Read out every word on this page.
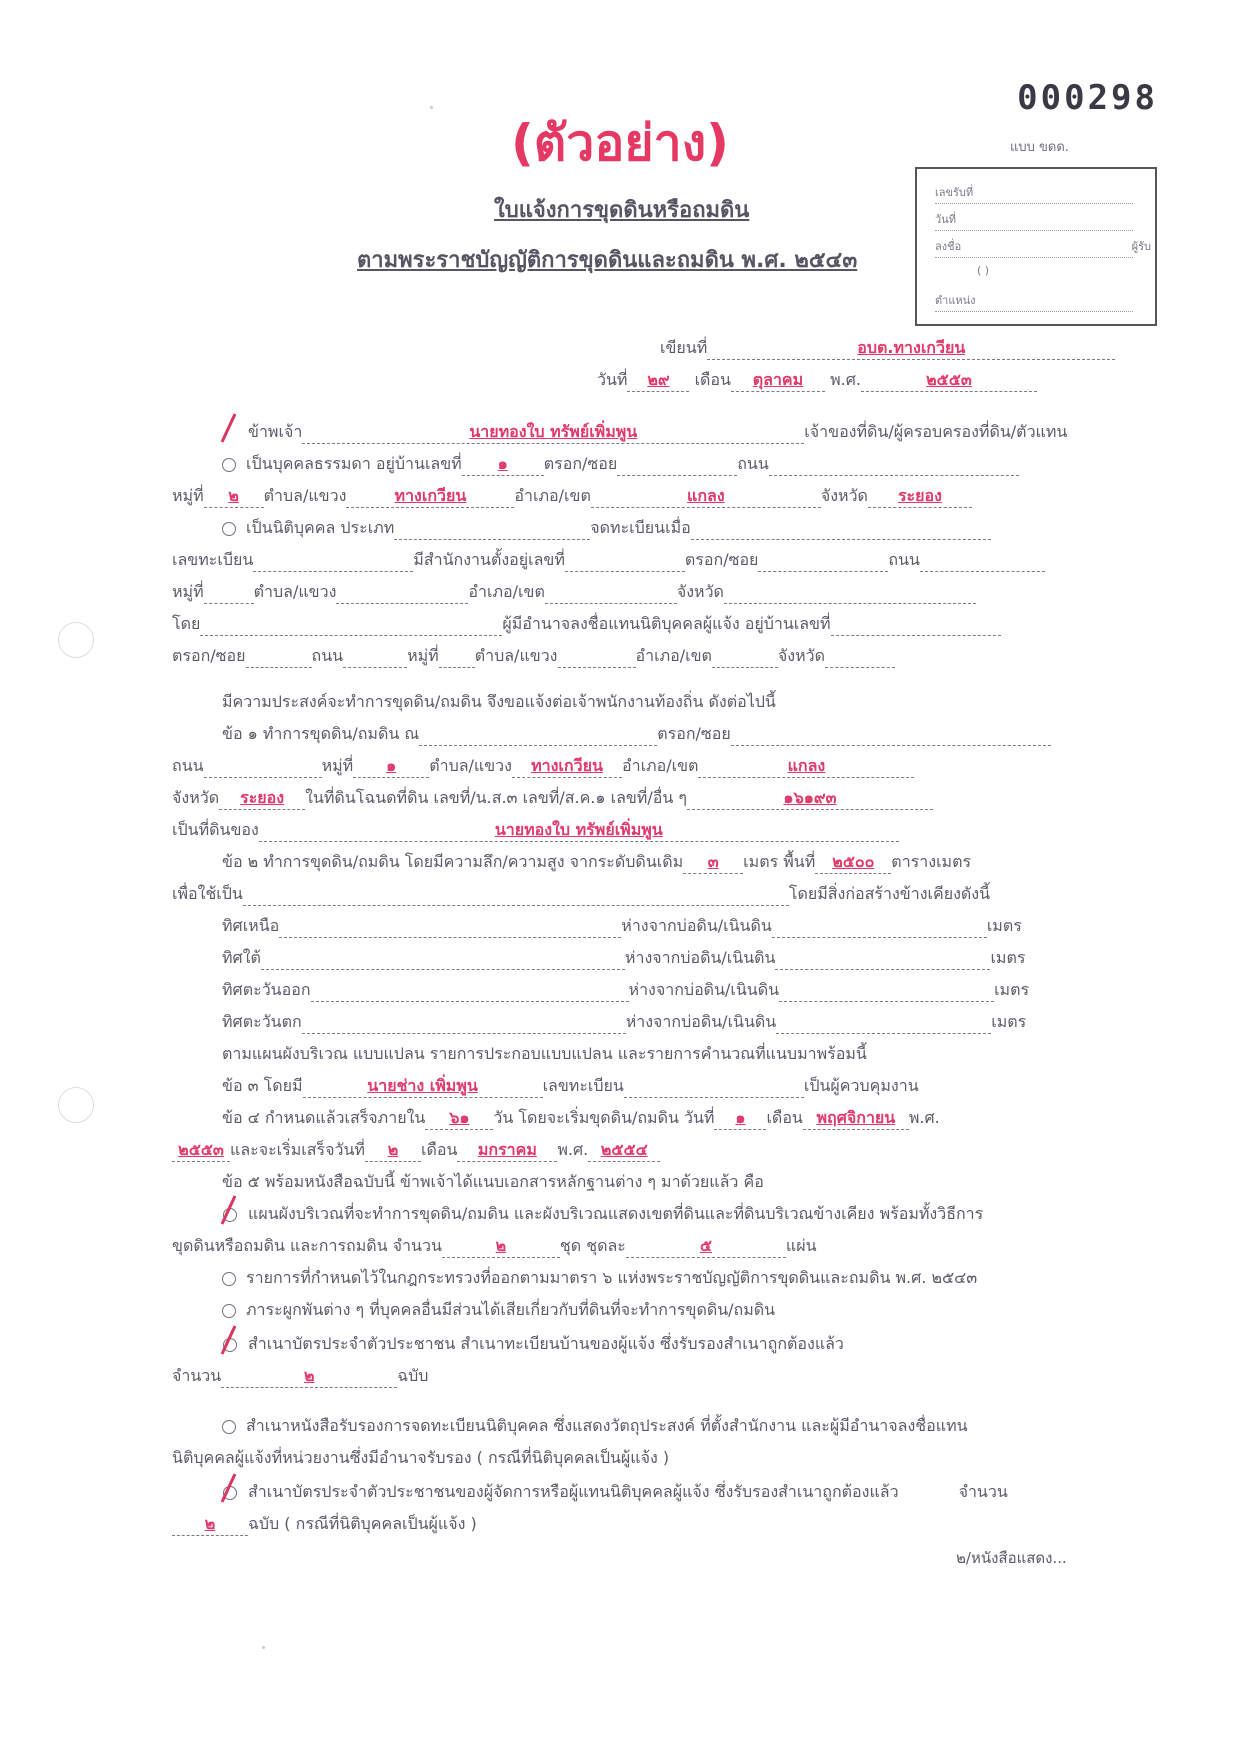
000298
(ตัวอย่าง)	แบบ ขดด.
ใบแจ้งการขุดดินหรือถมดิน
ตามพระราชบัญญัติการขุดดินและถมดิน พ.ศ. ๒๕๔๓
เลขรับที่
วันที่
ลงชื่อ	ผู้รับ
( )
ตำแหน่ง
เขียนที่	อบต.ทางเกวียน
วันที่ ๒๙ เดือน ตุลาคม พ.ศ.	๒๕๕๓
ข้าพเจ้า	นายทองใบ ทรัพย์เพิ่มพูน	เจ้าของที่ดิน/ผู้ครอบครองที่ดิน/ตัวแทน
เป็นบุคคลธรรมดา อยู่บ้านเลขที่ ๑ ตรอก/ซอย	ถนน
หมู่ที่ ๒ ตำบล/แขวง	ทางเกวียน	อำเภอ/เขต	แกลง	จังหวัด ระยอง
เป็นนิติบุคคล ประเภท	จดทะเบียนเมื่อ
เลขทะเบียน	มีสำนักงานตั้งอยู่เลขที่	ตรอก/ซอย	ถนน
หมู่ที่	ตำบล/แขวง	อำเภอ/เขต	จังหวัด
โดย	ผู้มีอำนาจลงชื่อแทนนิติบุคคลผู้แจ้ง อยู่บ้านเลขที่
ตรอก/ซอย	ถนน	หมู่ที่ ตำบล/แขวง	อำเภอ/เขต	จังหวัด
มีความประสงค์จะทำการขุดดิน/ถมดิน จึงขอแจ้งต่อเจ้าพนักงานท้องถิ่น ดังต่อไปนี้
ข้อ ๑ ทำการขุดดิน/ถมดิน ณ	ตรอก/ซอย
ถนน	หมู่ที่ ๑ ตำบล/แขวง ทางเกวียน อำเภอ/เขต	แกลง
จังหวัด ระยอง ในที่ดินโฉนดที่ดิน เลขที่/น.ส.๓ เลขที่/ส.ค.๑ เลขที่/อื่น ๆ	๑๖๑๙๓
เป็นที่ดินของ	นายทองใบ ทรัพย์เพิ่มพูน
ข้อ ๒ ทำการขุดดิน/ถมดิน โดยมีความลึก/ความสูง จากระดับดินเดิม ๓ เมตร พื้นที่ ๒๕๐๐ ตารางเมตร
เพื่อใช้เป็น	โดยมีสิ่งก่อสร้างข้างเคียงดังนี้
ทิศเหนือ	ห่างจากบ่อดิน/เนินดิน	เมตร
ทิศใต้	ห่างจากบ่อดิน/เนินดิน	เมตร
ทิศตะวันออก	ห่างจากบ่อดิน/เนินดิน	เมตร
ทิศตะวันตก	ห่างจากบ่อดิน/เนินดิน	เมตร
ตามแผนผังบริเวณ แบบแปลน รายการประกอบแบบแปลน และรายการคำนวณที่แนบมาพร้อมนี้
ข้อ ๓ โดยมี	นายช่าง เพิ่มพูน	เลขทะเบียน	เป็นผู้ควบคุมงาน
ข้อ ๔ กำหนดแล้วเสร็จภายใน ๖๑ วัน โดยจะเริ่มขุดดิน/ถมดิน วันที่ ๑ เดือน พฤศจิกายน พ.ศ.
๒๕๕๓ และจะเริ่มเสร็จวันที่ ๒ เดือน มกราคม พ.ศ. ๒๕๕๔
ข้อ ๕ พร้อมหนังสือฉบับนี้ ข้าพเจ้าได้แนบเอกสารหลักฐานต่าง ๆ มาด้วยแล้ว คือ
แผนผังบริเวณที่จะทำการขุดดิน/ถมดิน และผังบริเวณแสดงเขตที่ดินและที่ดินบริเวณข้างเคียง พร้อมทั้งวิธีการ
ขุดดินหรือถมดิน และการถมดิน จำนวน	๒	ชุด ชุดละ	๕	แผ่น
รายการที่กำหนดไว้ในกฎกระทรวงที่ออกตามมาตรา ๖ แห่งพระราชบัญญัติการขุดดินและถมดิน พ.ศ. ๒๕๔๓
ภาระผูกพันต่าง ๆ ที่บุคคลอื่นมีส่วนได้เสียเกี่ยวกับที่ดินที่จะทำการขุดดิน/ถมดิน
สำเนาบัตรประจำตัวประชาชน สำเนาทะเบียนบ้านของผู้แจ้ง ซึ่งรับรองสำเนาถูกต้องแล้ว
จำนวน	๒	ฉบับ
สำเนาหนังสือรับรองการจดทะเบียนนิติบุคคล ซึ่งแสดงวัตถุประสงค์ ที่ตั้งสำนักงาน และผู้มีอำนาจลงชื่อแทน
นิติบุคคลผู้แจ้งที่หน่วยงานซึ่งมีอำนาจรับรอง ( กรณีที่นิติบุคคลเป็นผู้แจ้ง )
สำเนาบัตรประจำตัวประชาชนของผู้จัดการหรือผู้แทนนิติบุคคลผู้แจ้ง ซึ่งรับรองสำเนาถูกต้องแล้ว	จำนวน
๒ ฉบับ ( กรณีที่นิติบุคคลเป็นผู้แจ้ง )
๒/หนังสือแสดง...
